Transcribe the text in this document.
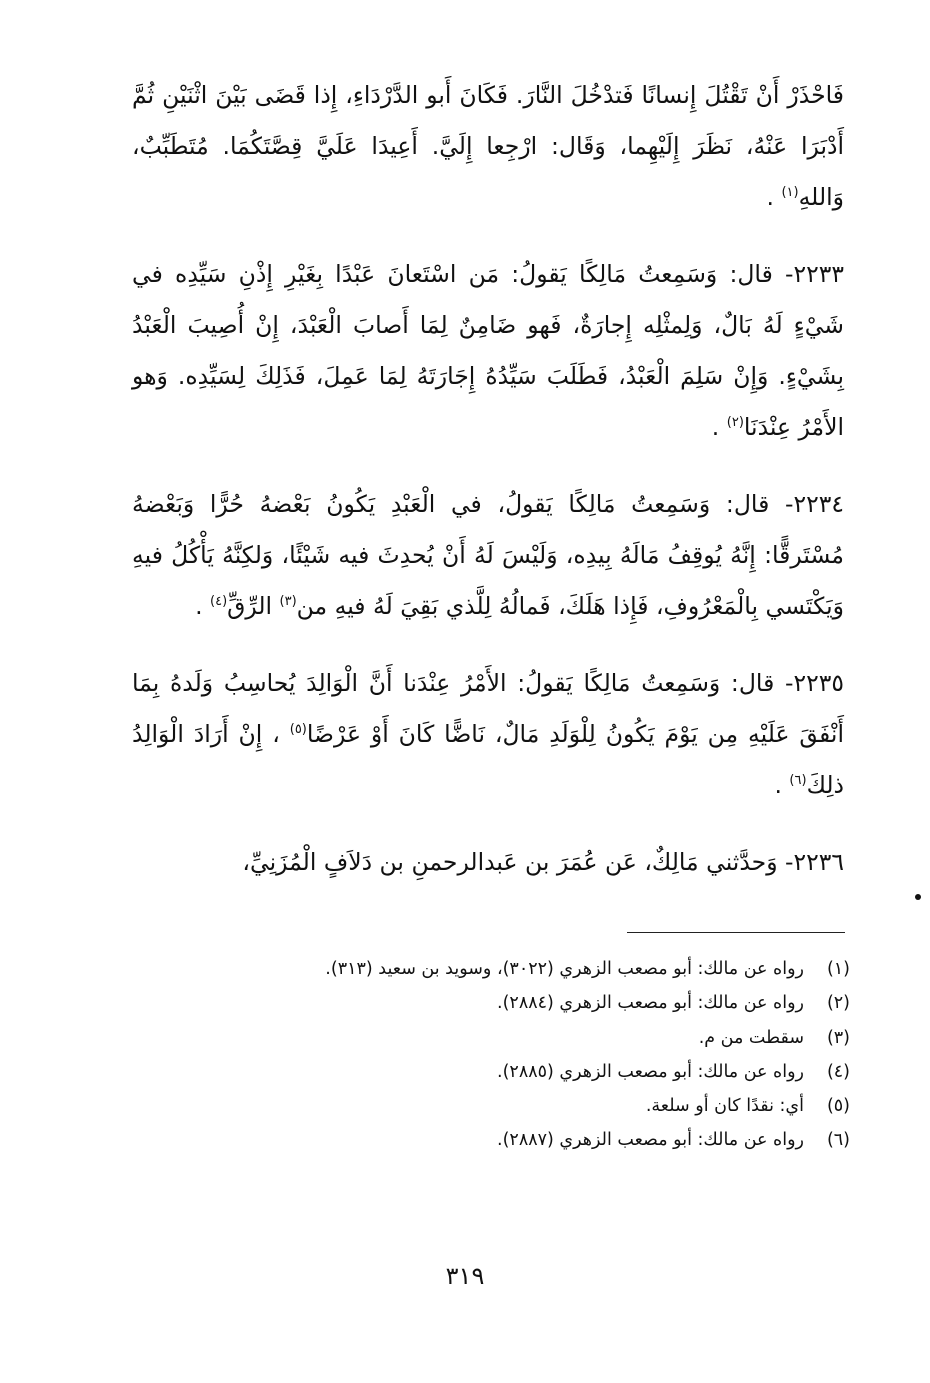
فَاحْذَرْ أَنْ تَقْتُلَ إِنسانًا فَتدْخُلَ النَّارَ. فَكَانَ أَبو الدَّرْدَاءِ، إِذا قَضَى بَيْنَ اثْنَيْنِ ثُمَّ أَدْبَرَا عَنْهُ، نَظَرَ إِلَيْهِما، وَقَال: ارْجِعا إِلَيَّ. أَعِيدَا عَلَيَّ قِصَّتَكُمَا. مُتَطَبِّبٌ، وَاللهِ$^{(١)}$ .

٢٢٣٣- قال: وَسَمِعتُ مَالِكًا يَقولُ: مَن اسْتَعانَ عَبْدًا بِغَيْرِ إِذْنِ سَيِّدِه في شَيْءٍ لَهُ بَالٌ، وَلِمثْلِه إِجارَةٌ، فَهو ضَامِنٌ لِمَا أَصابَ الْعَبْدَ، إِنْ أُصِيبَ الْعَبْدُ بِشَيْءٍ. وَإِنْ سَلِمَ الْعَبْدُ، فَطَلَبَ سَيِّدُهُ إِجَارَتَهُ لِمَا عَمِلَ، فَذَلِكَ لِسَيِّدِه. وَهو الأَمْرُ عِنْدَنَا$^{(٢)}$ .

٢٢٣٤- قال: وَسَمِعتُ مَالِكًا يَقولُ، في الْعَبْدِ يَكُونُ بَعْضهُ حُرًّا وَبَعْضهُ مُسْتَرقًّا: إِنَّهُ يُوقِفُ مَالَهُ بِيدِه، وَلَيْسَ لَهُ أَنْ يُحدِثَ فيه شَيْئًا، وَلكِنَّهُ يَأْكُلُ فيهِ وَيَكْتَسي بِالْمَعْرُوفِ، فَإِذا هَلَكَ، فَمالُهُ لِلَّذي بَقِيَ لَهُ فيهِ من$^{(٣)}$ الرِّقِّ$^{(٤)}$ .

٢٢٣٥- قال: وَسَمِعتُ مَالِكًا يَقولُ: الأَمْرُ عِنْدَنا أَنَّ الْوَالِدَ يُحاسِبُ وَلَدهُ بِمَا أَنْفَقَ عَلَيْهِ مِن يَوْمَ يَكُونُ لِلْوَلَدِ مَالٌ، نَاضًّا كَانَ أَوْ عَرْضًا$^{(٥)}$ ، إِنْ أَرَادَ الْوَالِدُ ذلِكَ$^{(٦)}$ .

٢٢٣٦- وَحدَّثني مَالِكٌ، عَن عُمَرَ بن عَبدالرحمنِ بن دَلاَفٍ الْمُزَنِيِّ،

(١)رواه عن مالك: أبو مصعب الزهري (٣٠٢٢)، وسويد بن سعيد (٣١٣).
(٢)رواه عن مالك: أبو مصعب الزهري (٢٨٨٤).
(٣)سقطت من م.
(٤)رواه عن مالك: أبو مصعب الزهري (٢٨٨٥).
(٥)أي: نقدًا كان أو سلعة.
(٦)رواه عن مالك: أبو مصعب الزهري (٢٨٨٧).
٣١٩
